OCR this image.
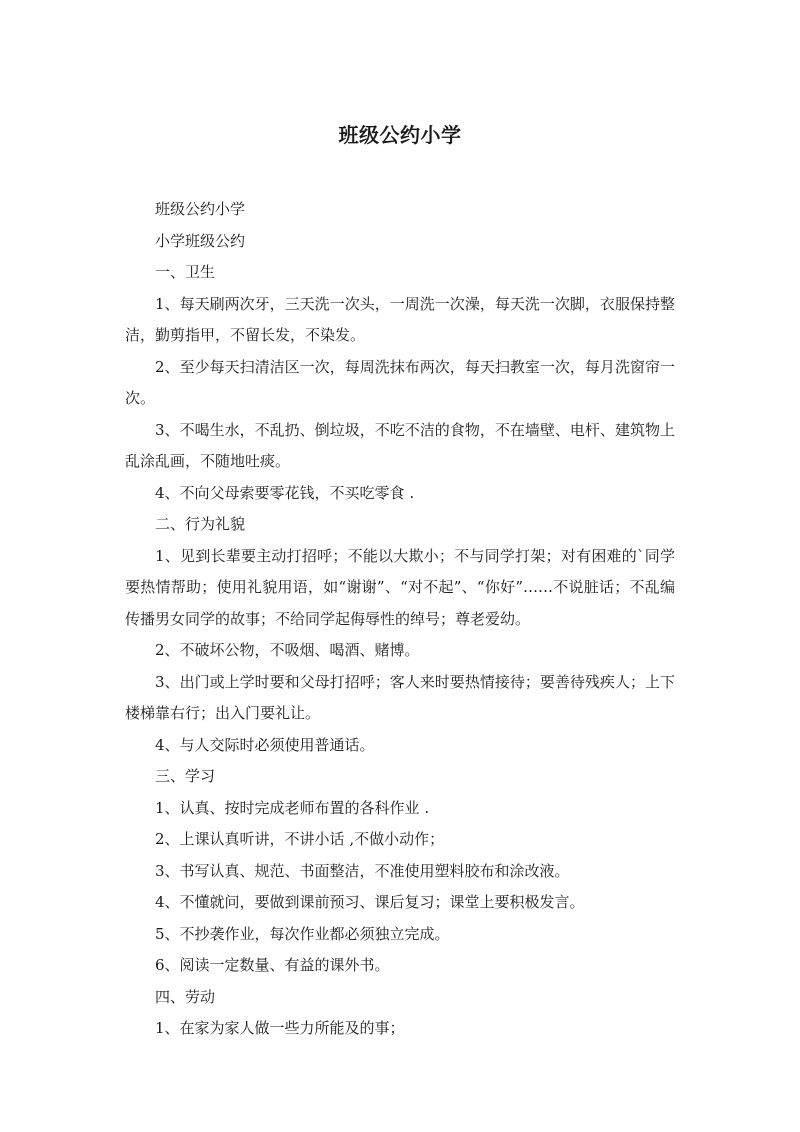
班级公约小学

班级公约小学

小学班级公约

一、卫生

1、每天刷两次牙，三天洗一次头，一周洗一次澡，每天洗一次脚，衣服保持整洁，勤剪指甲，不留长发，不染发。

2、至少每天扫清洁区一次，每周洗抹布两次，每天扫教室一次，每月洗窗帘一次。

3、不喝生水，不乱扔、倒垃圾，不吃不洁的食物，不在墙壁、电杆、建筑物上乱涂乱画，不随地吐痰。

4、不向父母索要零花钱，不买吃零食 .

二、行为礼貌

1、见到长辈要主动打招呼；不能以大欺小；不与同学打架；对有困难的`同学要热情帮助；使用礼貌用语，如“谢谢”、“对不起”、“你好”……不说脏话；不乱编传播男女同学的故事；不给同学起侮辱性的绰号；尊老爱幼。

2、不破坏公物，不吸烟、喝酒、赌博。

3、出门或上学时要和父母打招呼；客人来时要热情接待；要善待残疾人；上下楼梯靠右行；出入门要礼让。

4、与人交际时必须使用普通话。

三、学习

1、认真、按时完成老师布置的各科作业 .

2、上课认真听讲，不讲小话 ,不做小动作；

3、书写认真、规范、书面整洁，不准使用塑料胶布和涂改液。

4、不懂就问，要做到课前预习、课后复习；课堂上要积极发言。

5、不抄袭作业，每次作业都必须独立完成。

6、阅读一定数量、有益的课外书。

四、劳动

1、在家为家人做一些力所能及的事；
